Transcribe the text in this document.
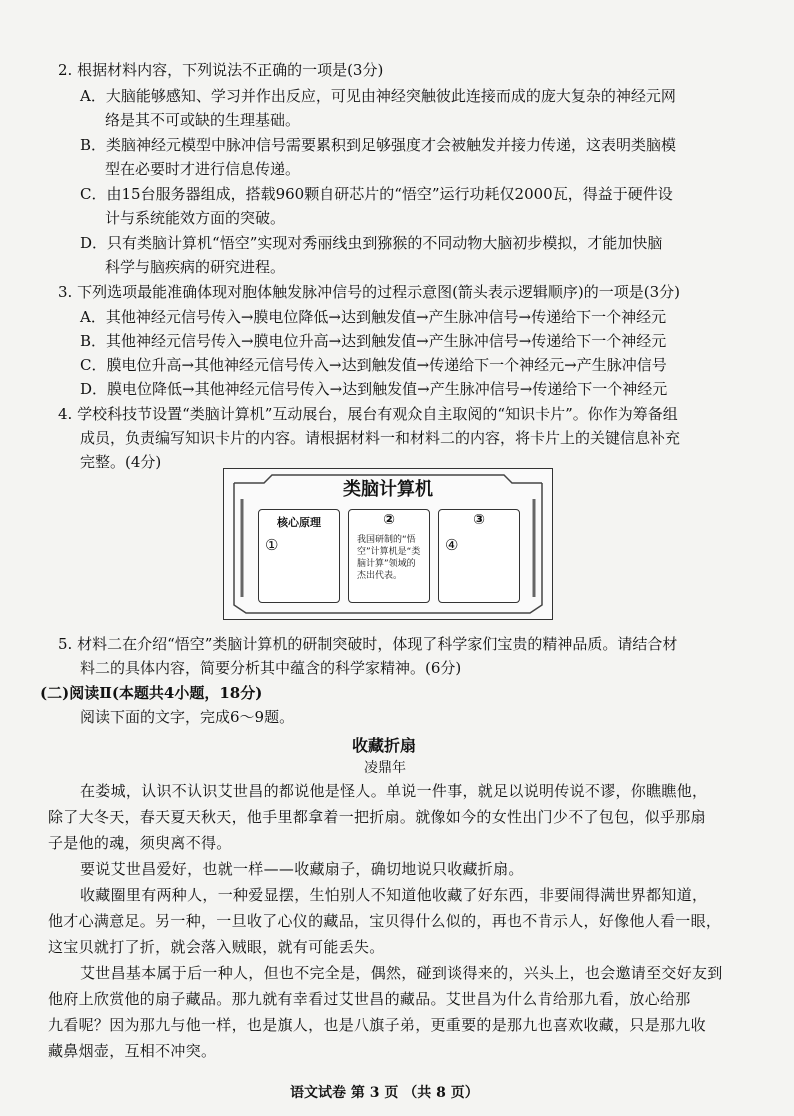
2. 根据材料内容，下列说法不正确的一项是(3分)
A．大脑能够感知、学习并作出反应，可见由神经突触彼此连接而成的庞大复杂的神经元网
络是其不可或缺的生理基础。
B．类脑神经元模型中脉冲信号需要累积到足够强度才会被触发并接力传递，这表明类脑模
型在必要时才进行信息传递。
C．由15台服务器组成，搭载960颗自研芯片的“悟空”运行功耗仅2000瓦，得益于硬件设
计与系统能效方面的突破。
D．只有类脑计算机“悟空”实现对秀丽线虫到猕猴的不同动物大脑初步模拟，才能加快脑
科学与脑疾病的研究进程。
3. 下列选项最能准确体现对胞体触发脉冲信号的过程示意图(箭头表示逻辑顺序)的一项是(3分)
A．其他神经元信号传入→膜电位降低→达到触发值→产生脉冲信号→传递给下一个神经元
B．其他神经元信号传入→膜电位升高→达到触发值→产生脉冲信号→传递给下一个神经元
C．膜电位升高→其他神经元信号传入→达到触发值→传递给下一个神经元→产生脉冲信号
D．膜电位降低→其他神经元信号传入→达到触发值→产生脉冲信号→传递给下一个神经元
4. 学校科技节设置“类脑计算机”互动展台，展台有观众自主取阅的“知识卡片”。你作为筹备组
成员，负责编写知识卡片的内容。请根据材料一和材料二的内容，将卡片上的关键信息补充
完整。(4分)
类脑计算机
核心原理
①
②
我国研制的“悟空”计算机是“类脑计算”领域的杰出代表。
③
④
5. 材料二在介绍“悟空”类脑计算机的研制突破时，体现了科学家们宝贵的精神品质。请结合材
料二的具体内容，简要分析其中蕴含的科学家精神。(6分)
(二)阅读Ⅱ(本题共4小题，18分)
阅读下面的文字，完成6～9题。
收藏折扇
凌鼎年
在娄城，认识不认识艾世昌的都说他是怪人。单说一件事，就足以说明传说不谬，你瞧瞧他，
除了大冬天，春天夏天秋天，他手里都拿着一把折扇。就像如今的女性出门少不了包包，似乎那扇
子是他的魂，须臾离不得。
要说艾世昌爱好，也就一样——收藏扇子，确切地说只收藏折扇。
收藏圈里有两种人，一种爱显摆，生怕别人不知道他收藏了好东西，非要闹得满世界都知道，
他才心满意足。另一种，一旦收了心仪的藏品，宝贝得什么似的，再也不肯示人，好像他人看一眼，
这宝贝就打了折，就会落入贼眼，就有可能丢失。
艾世昌基本属于后一种人，但也不完全是，偶然，碰到谈得来的，兴头上，也会邀请至交好友到
他府上欣赏他的扇子藏品。那九就有幸看过艾世昌的藏品。艾世昌为什么肯给那九看，放心给那
九看呢？因为那九与他一样，也是旗人，也是八旗子弟，更重要的是那九也喜欢收藏，只是那九收
藏鼻烟壶，互相不冲突。
语文试卷 第 3 页 （共 8 页）
